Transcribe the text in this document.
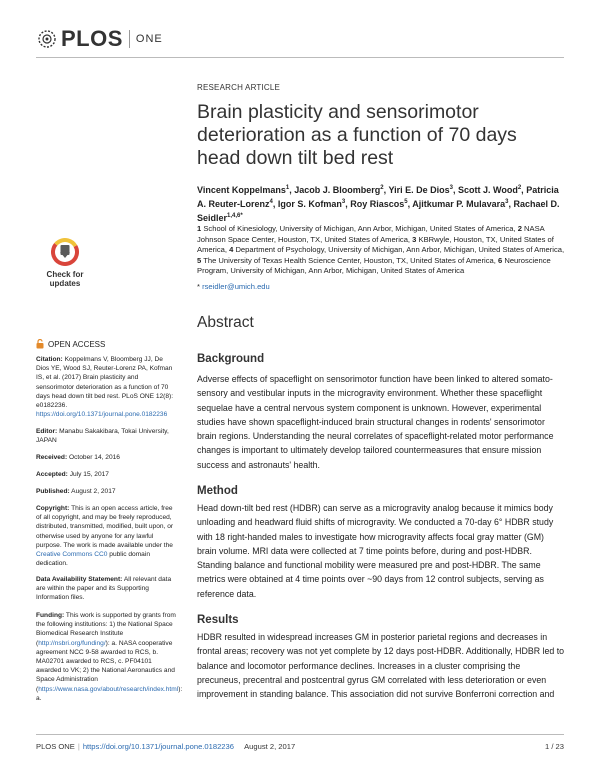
PLOS ONE
RESEARCH ARTICLE
Brain plasticity and sensorimotor deterioration as a function of 70 days head down tilt bed rest
Vincent Koppelmans$^1$, Jacob J. Bloomberg$^2$, Yiri E. De Dios$^3$, Scott J. Wood$^2$, Patricia A. Reuter-Lorenz$^4$, Igor S. Kofman$^3$, Roy Riascos$^5$, Ajitkumar P. Mulavara$^3$, Rachael D. Seidler$^{1,4,6*}$
1 School of Kinesiology, University of Michigan, Ann Arbor, Michigan, United States of America, 2 NASA Johnson Space Center, Houston, TX, United States of America, 3 KBRwyle, Houston, TX, United States of America, 4 Department of Psychology, University of Michigan, Ann Arbor, Michigan, United States of America, 5 The University of Texas Health Science Center, Houston, TX, United States of America, 6 Neuroscience Program, University of Michigan, Ann Arbor, Michigan, United States of America
* rseidler@umich.edu
Check for
updates
OPEN ACCESS
Citation: Koppelmans V, Bloomberg JJ, De Dios YE, Wood SJ, Reuter-Lorenz PA, Kofman IS, et al. (2017) Brain plasticity and sensorimotor deterioration as a function of 70 days head down tilt bed rest. PLoS ONE 12(8): e0182236. https://doi.org/10.1371/journal.pone.0182236
Editor: Manabu Sakakibara, Tokai University, JAPAN
Received: October 14, 2016
Accepted: July 15, 2017
Published: August 2, 2017
Copyright: This is an open access article, free of all copyright, and may be freely reproduced, distributed, transmitted, modified, built upon, or otherwise used by anyone for any lawful purpose. The work is made available under the Creative Commons CC0 public domain dedication.
Data Availability Statement: All relevant data are within the paper and its Supporting Information files.
Funding: This work is supported by grants from the following institutions: 1) the National Space Biomedical Research Institute (http://nsbri.org/funding/): a. NASA cooperative agreement NCC 9-58 awarded to RCS, b. MA02701 awarded to RCS, c. PF04101 awarded to VK; 2) the National Aeronautics and Space Administration (https://www.nasa.gov/about/research/index.html): a.
Abstract
Background
Adverse effects of spaceflight on sensorimotor function have been linked to altered somato-sensory and vestibular inputs in the microgravity environment. Whether these spaceflight sequelae have a central nervous system component is unknown. However, experimental studies have shown spaceflight-induced brain structural changes in rodents' sensorimotor brain regions. Understanding the neural correlates of spaceflight-related motor performance changes is important to ultimately develop tailored countermeasures that ensure mission success and astronauts' health.
Method
Head down-tilt bed rest (HDBR) can serve as a microgravity analog because it mimics body unloading and headward fluid shifts of microgravity. We conducted a 70-day 6° HDBR study with 18 right-handed males to investigate how microgravity affects focal gray matter (GM) brain volume. MRI data were collected at 7 time points before, during and post-HDBR. Standing balance and functional mobility were measured pre and post-HDBR. The same metrics were obtained at 4 time points over ~90 days from 12 control subjects, serving as reference data.
Results
HDBR resulted in widespread increases GM in posterior parietal regions and decreases in frontal areas; recovery was not yet complete by 12 days post-HDBR. Additionally, HDBR led to balance and locomotor performance declines. Increases in a cluster comprising the precuneus, precentral and postcentral gyrus GM correlated with less deterioration or even improvement in standing balance. This association did not survive Bonferroni correction and
PLOS ONE | https://doi.org/10.1371/journal.pone.0182236 August 2, 2017	1 / 23
